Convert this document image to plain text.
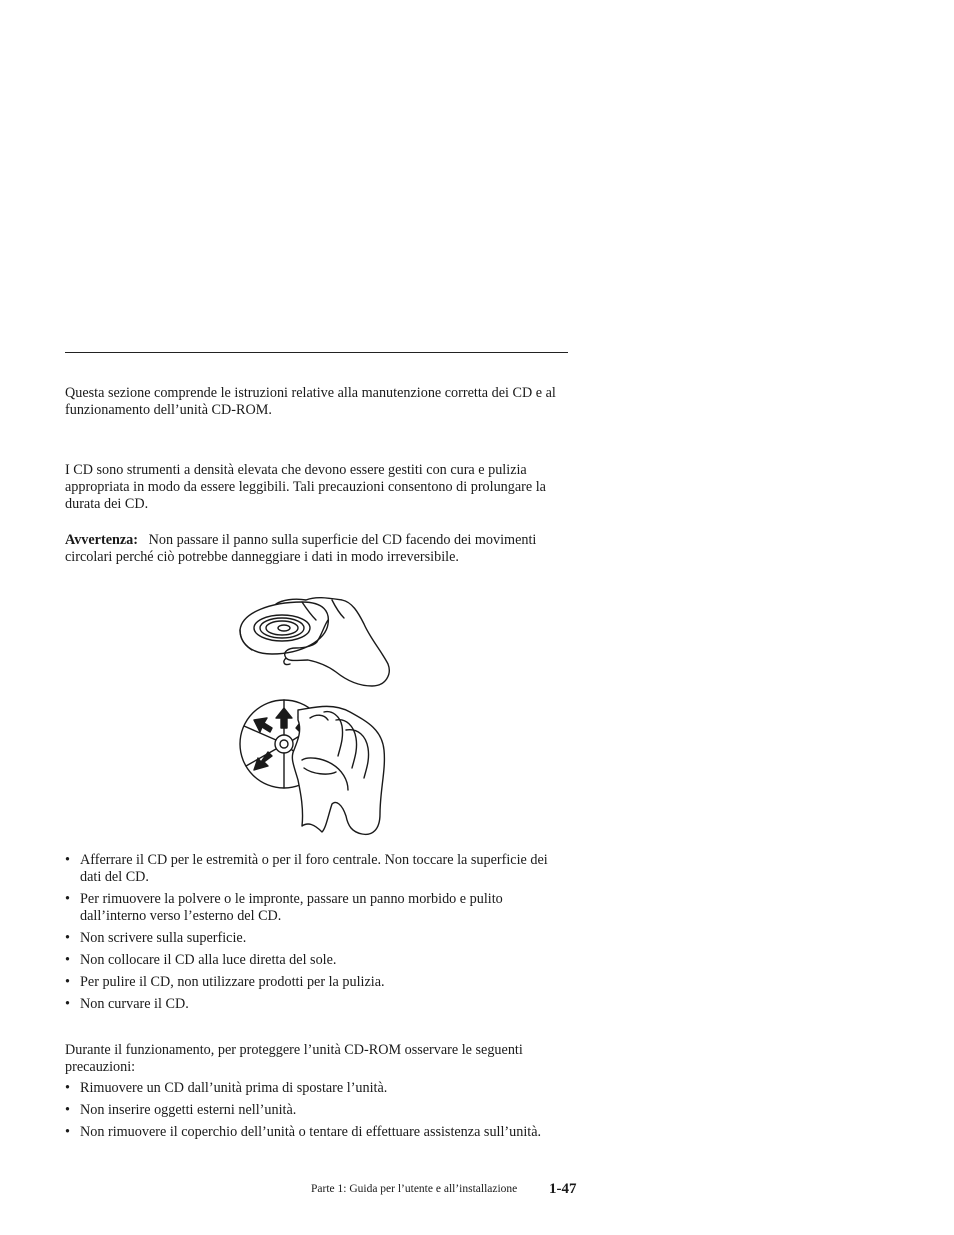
Questa sezione comprende le istruzioni relative alla manutenzione corretta dei CD e al funzionamento dell’unità CD-ROM.

I CD sono strumenti a densità elevata che devono essere gestiti con cura e pulizia appropriata in modo da essere leggibili. Tali precauzioni consentono di prolungare la durata dei CD.

Avvertenza: Non passare il panno sulla superficie del CD facendo dei movimenti circolari perché ciò potrebbe danneggiare i dati in modo irreversibile.

• Afferrare il CD per le estremità o per il foro centrale. Non toccare la superficie dei dati del CD.
• Per rimuovere la polvere o le impronte, passare un panno morbido e pulito dall’interno verso l’esterno del CD.
• Non scrivere sulla superficie.
• Non collocare il CD alla luce diretta del sole.
• Per pulire il CD, non utilizzare prodotti per la pulizia.
• Non curvare il CD.

Durante il funzionamento, per proteggere l’unità CD-ROM osservare le seguenti precauzioni:

• Rimuovere un CD dall’unità prima di spostare l’unità.
• Non inserire oggetti esterni nell’unità.
• Non rimuovere il coperchio dell’unità o tentare di effettuare assistenza sull’unità.
Parte 1: Guida per l’utente e all’installazione 1-47
